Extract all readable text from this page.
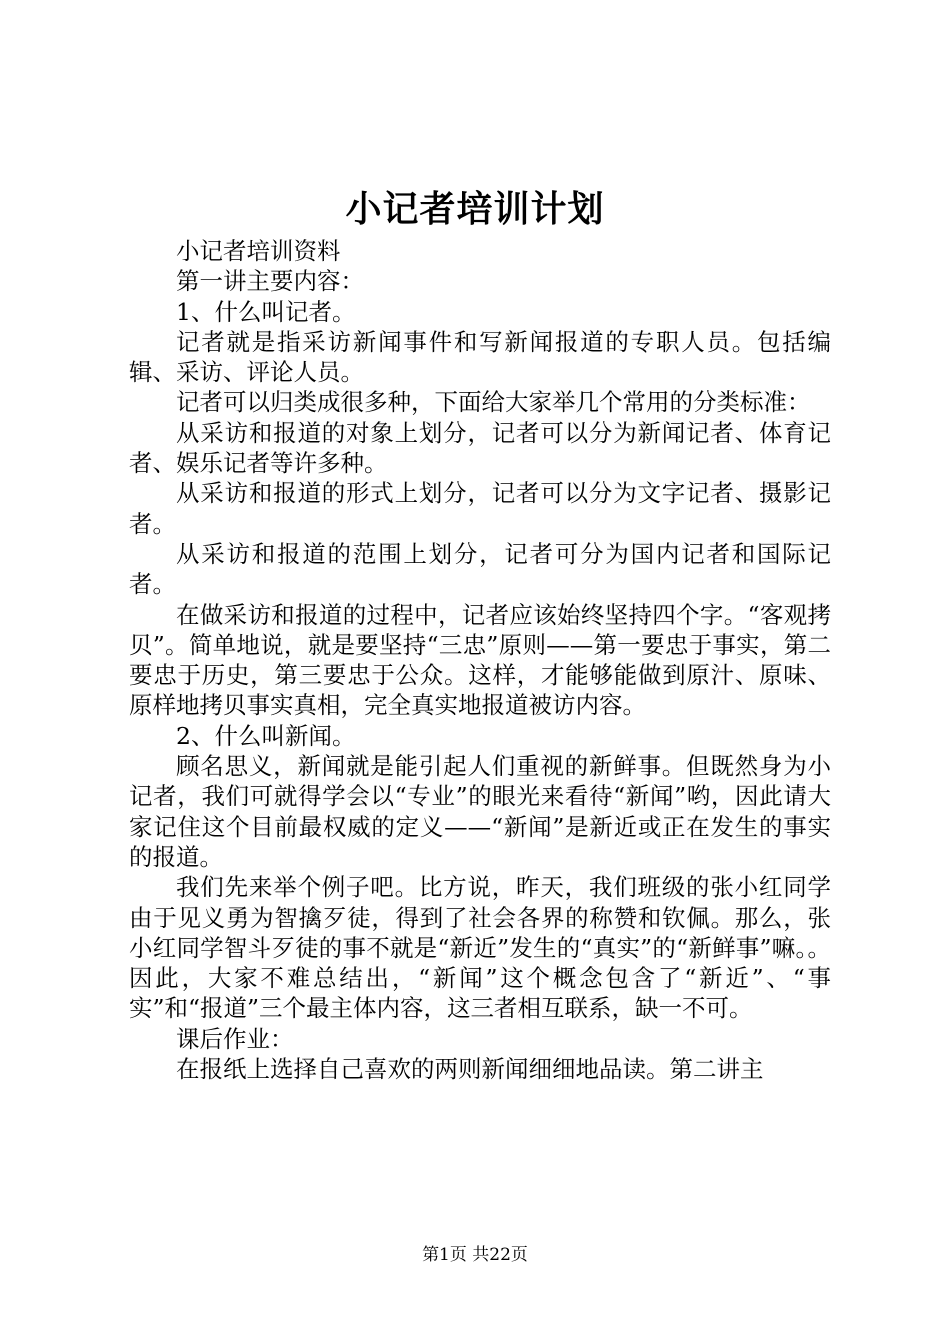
小记者培训计划

小记者培训资料

第一讲主要内容：

1、什么叫记者。

记者就是指采访新闻事件和写新闻报道的专职人员。包括编辑、采访、评论人员。

记者可以归类成很多种，下面给大家举几个常用的分类标准：

从采访和报道的对象上划分，记者可以分为新闻记者、体育记者、娱乐记者等许多种。

从采访和报道的形式上划分，记者可以分为文字记者、摄影记者。

从采访和报道的范围上划分，记者可分为国内记者和国际记者。

在做采访和报道的过程中，记者应该始终坚持四个字。“客观拷贝”。简单地说，就是要坚持“三忠”原则——第一要忠于事实，第二要忠于历史，第三要忠于公众。这样，才能够能做到原汁、原味、原样地拷贝事实真相，完全真实地报道被访内容。

2、什么叫新闻。

顾名思义，新闻就是能引起人们重视的新鲜事。但既然身为小记者，我们可就得学会以“专业”的眼光来看待“新闻”哟，因此请大家记住这个目前最权威的定义——“新闻”是新近或正在发生的事实的报道。

我们先来举个例子吧。比方说，昨天，我们班级的张小红同学由于见义勇为智擒歹徒，得到了社会各界的称赞和钦佩。那么，张小红同学智斗歹徒的事不就是“新近”发生的“真实”的“新鲜事”嘛。。因此，大家不难总结出，“新闻”这个概念包含了“新近”、“事实”和“报道”三个最主体内容，这三者相互联系，缺一不可。

课后作业：

在报纸上选择自己喜欢的两则新闻细细地品读。第二讲主

第1页 共22页
